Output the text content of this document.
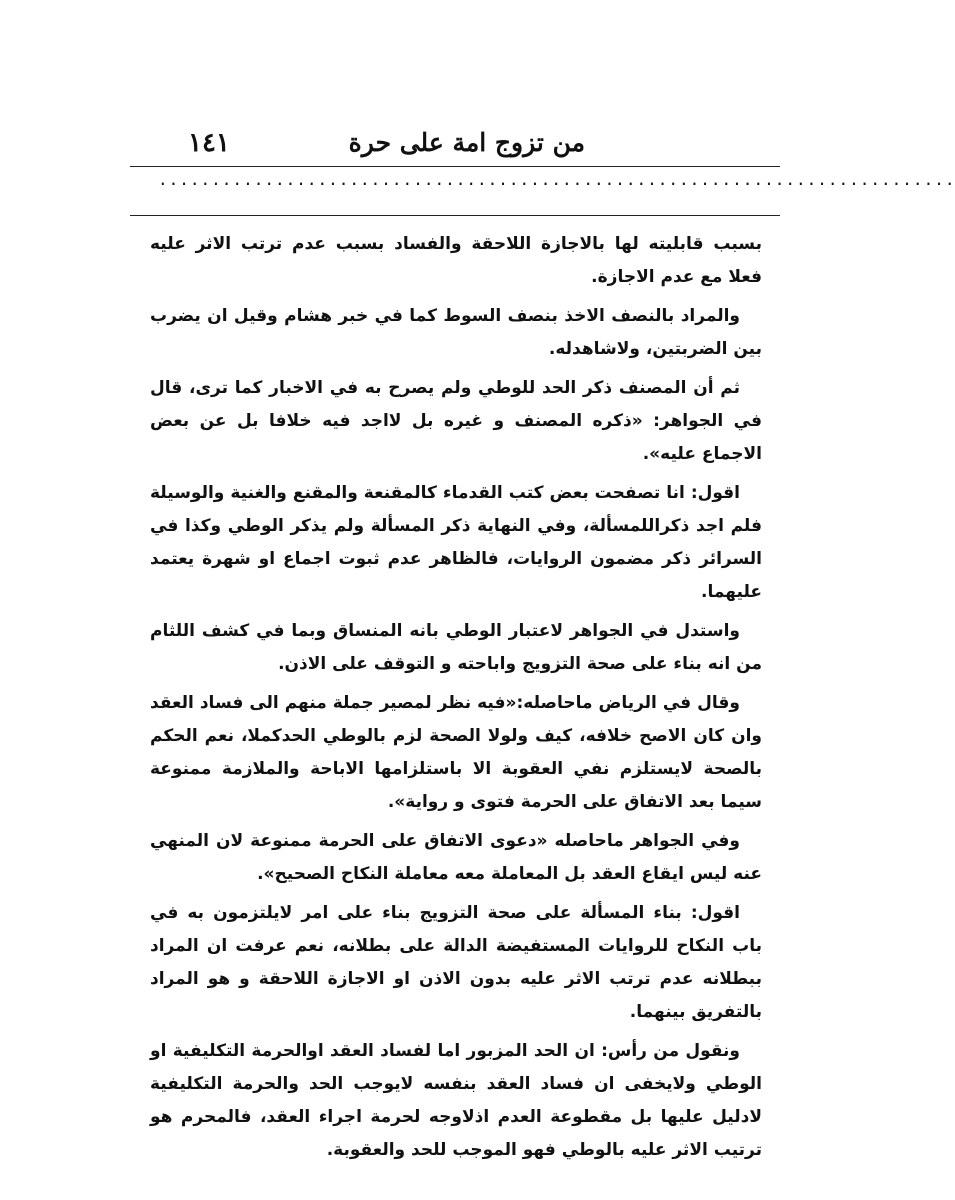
من تزوج امة على حرة
١٤١
...........................................................................

بسبب قابليته لها بالاجازة اللاحقة والفساد بسبب عدم ترتب الاثر عليه فعلا مع عدم الاجازة.

والمراد بالنصف الاخذ بنصف السوط كما في خبر هشام وقيل ان يضرب بين الضربتين، ولاشاهدله.

ثم أن المصنف ذكر الحد للوطي ولم يصرح به في الاخبار كما ترى، قال في الجواهر: «ذكره المصنف و غيره بل لااجد فيه خلافا بل عن بعض الاجماع عليه».

اقول: انا تصفحت بعض كتب القدماء كالمقنعة والمقنع والغنية والوسيلة فلم اجد ذكراللمسألة، وفي النهاية ذكر المسألة ولم يذكر الوطي وكذا في السرائر ذكر مضمون الروايات، فالظاهر عدم ثبوت اجماع او شهرة يعتمد عليهما.

واستدل في الجواهر لاعتبار الوطي بانه المنساق وبما في كشف اللثام من انه بناء على صحة التزويج واباحته و التوقف على الاذن.

وقال في الرياض ماحاصله:«فيه نظر لمصير جملة منهم الى فساد العقد وان كان الاصح خلافه، كيف ولولا الصحة لزم بالوطي الحدكملا، نعم الحكم بالصحة لايستلزم نفي العقوبة الا باستلزامها الاباحة والملازمة ممنوعة سيما بعد الاتفاق على الحرمة فتوى و رواية».

وفي الجواهر ماحاصله «دعوى الاتفاق على الحرمة ممنوعة لان المنهي عنه ليس ايقاع العقد بل المعاملة معه معاملة النكاح الصحيح».

اقول: بناء المسألة على صحة التزويج بناء على امر لايلتزمون به في باب النكاح للروايات المستفيضة الدالة على بطلانه، نعم عرفت ان المراد ببطلانه عدم ترتب الاثر عليه بدون الاذن او الاجازة اللاحقة و هو المراد بالتفريق بينهما.

ونقول من رأس: ان الحد المزبور اما لفساد العقد اوالحرمة التكليفية او الوطي ولايخفى ان فساد العقد بنفسه لايوجب الحد والحرمة التكليفية لادليل عليها بل مقطوعة العدم اذلاوجه لحرمة اجراء العقد، فالمحرم هو ترتيب الاثر عليه بالوطي فهو الموجب للحد والعقوبة.
